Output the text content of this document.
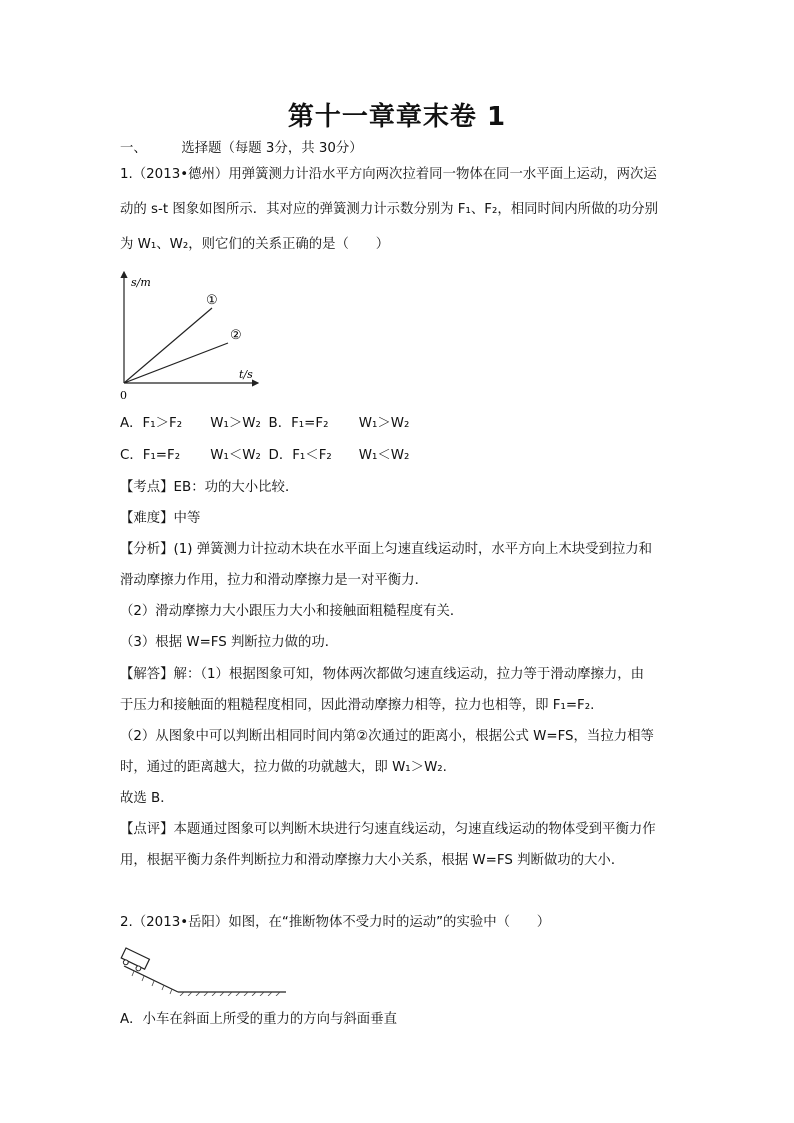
第十一章章末卷 1
一、	选择题（每题 3分，共 30分）
1.（2013•德州）用弹簧测力计沿水平方向两次拉着同一物体在同一水平面上运动，两次运
动的 s-t 图象如图所示．其对应的弹簧测力计示数分别为 F₁、F₂，相同时间内所做的功分别
为 W₁、W₂，则它们的关系正确的是（　　）
s/m
t/s
0
①
②
A．F₁＞F₂ W₁＞W₂ B．F₁=F₂ W₁＞W₂
C．F₁=F₂ W₁＜W₂ D．F₁＜F₂ W₁＜W₂
【考点】EB：功的大小比较．
【难度】中等
【分析】(1) 弹簧测力计拉动木块在水平面上匀速直线运动时，水平方向上木块受到拉力和
滑动摩擦力作用，拉力和滑动摩擦力是一对平衡力．
（2）滑动摩擦力大小跟压力大小和接触面粗糙程度有关．
（3）根据 W=FS 判断拉力做的功．
【解答】解：（1）根据图象可知，物体两次都做匀速直线运动，拉力等于滑动摩擦力，由
于压力和接触面的粗糙程度相同，因此滑动摩擦力相等，拉力也相等，即 F₁=F₂.
（2）从图象中可以判断出相同时间内第②次通过的距离小，根据公式 W=FS，当拉力相等
时，通过的距离越大，拉力做的功就越大，即 W₁＞W₂.
故选 B．
【点评】本题通过图象可以判断木块进行匀速直线运动，匀速直线运动的物体受到平衡力作
用，根据平衡力条件判断拉力和滑动摩擦力大小关系，根据 W=FS 判断做功的大小．
2.（2013•岳阳）如图，在“推断物体不受力时的运动”的实验中（　　）
A．小车在斜面上所受的重力的方向与斜面垂直
